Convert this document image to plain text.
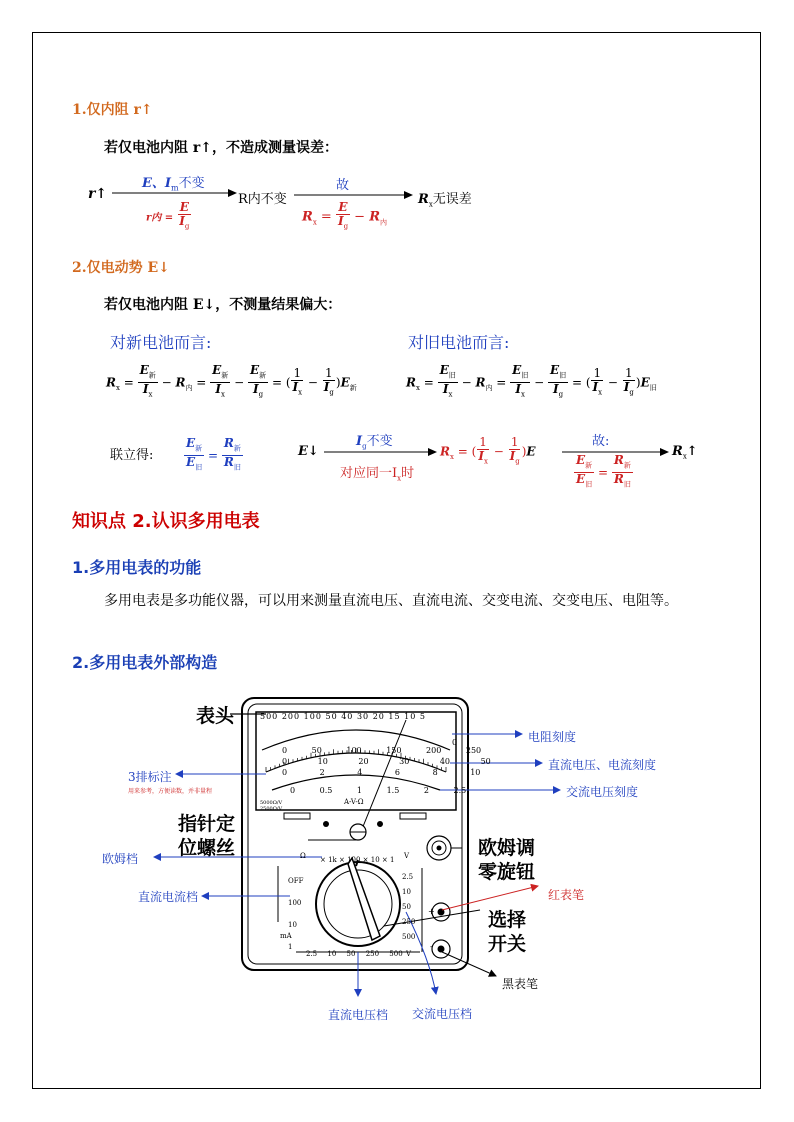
1.仅内阻 r↑
若仅电池内阻 r↑，不造成测量误差：
r↑
E、$I_m$不变
r内 = $\frac{E}{I_g}$
R内不变
故
$R_x = \frac{E}{I_g} - R_内$
$R_x$无误差
2.仅电动势 E↓
若仅电池内阻 E↓，不测量结果偏大：
对新电池而言:	对旧电池而言:
$R_x = \frac{E_新}{I_x} - R_内 = \frac{E_新}{I_x} - \frac{E_新}{I_g}$ = ( $\frac{1}{I_x} - \frac{1}{I_g} )E_新$	$R_x = \frac{E_旧}{I_x} - R_内 = \frac{E_旧}{I_x} - \frac{E_旧}{I_g}$ = ( $\frac{1}{I_x} - \frac{1}{I_g} )E_旧$
联立得:	$\frac{E_新}{E_旧} = \frac{R_新}{R_旧}$	E↓
$I_g$不变
对应同一$I_x$时
$R_x$ = ( $\frac{1}{I_x} - \frac{1}{I_g} )E$
故:
$\frac{E_新}{E_旧} = \frac{R_新}{R_旧}$
$R_x↑$
知识点 2.认识多用电表
1.多用电表的功能
多用电表是多功能仪器，可以用来测量直流电压、直流电流、交变电流、交变电压、电阻等。
2.多用电表外部构造
500 200 100 50 40 30 20 15 10 5
0
0	50	100	150	200	250
0	10	20	30	40	50
0	2	4	6	8	10
0	0.5	1	1.5	2	2.5
A-V-Ω
5000Ω/V
2500Ω/V
Ω × 1k × 100 × 10 × 1 V
OFF
100
10
1
2.5
10
50
250
500
2.5 10 50 250 500 V
mA
+
-
表头
指针定
位螺丝	欧姆调
零旋钮
选择
开关
电阻刻度
直流电压、电流刻度
交流电压刻度
3排标注
用来参考，方便读数，并非量程
欧姆档
直流电流档	红表笔
黑表笔
直流电压档 交流电压档
